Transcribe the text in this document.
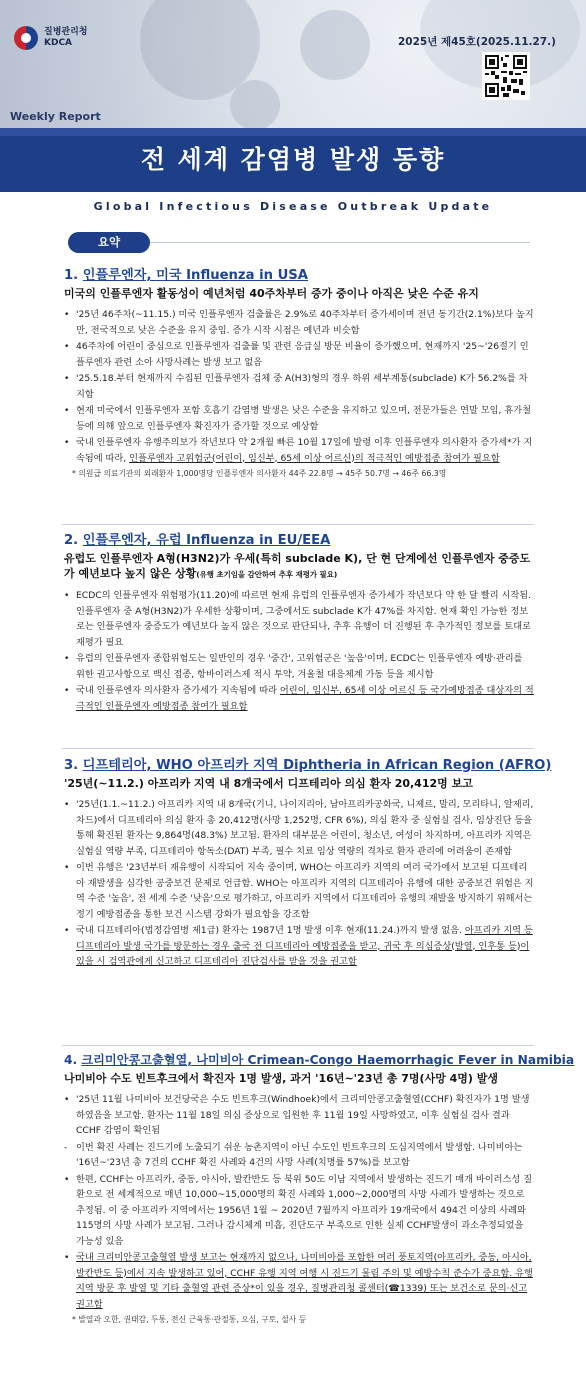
질병관리청
KDCA	2025년 제45호(2025.11.27.)
Weekly Report
전 세계 감염병 발생 동향
Global Infectious Disease Outbreak Update
요약
1. 인플루엔자, 미국 Influenza in USA
미국의 인플루엔자 활동성이 예년처럼 40주차부터 증가 중이나 아직은 낮은 수준 유지
• '25년 46주차(~11.15.) 미국 인플루엔자 검출률은 2.9%로 40주차부터 증가세이며 전년 동기간(2.1%)보다 높지만, 전국적으로 낮은 수준을 유지 중임. 증가 시작 시점은 예년과 비슷함
• 46주차에 어린이 중심으로 인플루엔자 검출률 및 관련 응급실 방문 비율이 증가했으며, 현재까지 '25~'26절기 인플루엔자 관련 소아 사망사례는 발생 보고 없음
• '25.5.18.부터 현재까지 수집된 인플루엔자 검체 중 A(H3)형의 경우 하위 세부계통(subclade) K가 56.2%를 차지함
• 현재 미국에서 인플루엔자 포함 호흡기 감염병 발생은 낮은 수준을 유지하고 있으며, 전문가들은 연말 모임, 휴가철 등에 의해 앞으로 인플루엔자 확진자가 증가할 것으로 예상함
• 국내 인플루엔자 유행주의보가 작년보다 약 2개월 빠른 10월 17일에 발령 이후 인플루엔자 의사환자 증가세*가 지속됨에 따라, 인플루엔자 고위험군(어린이, 임신부, 65세 이상 어르신)의 적극적인 예방접종 참여가 필요함
* 의원급 의료기관의 외래환자 1,000명당 인플루엔자 의사환자 44주 22.8명 → 45주 50.7명 → 46주 66.3명
2. 인플루엔자, 유럽 Influenza in EU/EEA
유럽도 인플루엔자 A형(H3N2)가 우세(특히 subclade K), 단 현 단계에선 인플루엔자 중증도가 예년보다 높지 않은 상황(유행 초기임을 감안하여 추후 재평가 필요)
• ECDC의 인플루엔자 위험평가(11.20)에 따르면 현재 유럽의 인플루엔자 증가세가 작년보다 약 한 달 빨리 시작됨. 인플루엔자 중 A형(H3N2)가 우세한 상황이며, 그중에서도 subclade K가 47%를 차지함. 현재 확인 가능한 정보로는 인플루엔자 중증도가 예년보다 높지 않은 것으로 판단되나, 추후 유행이 더 진행된 후 추가적인 정보를 토대로 재평가 필요
• 유럽의 인플루엔자 종합위험도는 일반인의 경우 '중간', 고위험군은 '높음'이며, ECDC는 인플루엔자 예방·관리를 위한 권고사항으로 백신 접종, 항바이러스제 적시 투약, 겨울철 대응체계 가동 등을 제시함
• 국내 인플루엔자 의사환자 증가세가 지속됨에 따라 어린이, 임신부, 65세 이상 어르신 등 국가예방접종 대상자의 적극적인 인플루엔자 예방접종 참여가 필요함
3. 디프테리아, WHO 아프리카 지역 Diphtheria in African Region (AFRO)
'25년(~11.2.) 아프리카 지역 내 8개국에서 디프테리아 의심 환자 20,412명 보고
• '25년(1.1.~11.2.) 아프리카 지역 내 8개국(기니, 나이지리아, 남아프리카공화국, 니제르, 말리, 모리타니, 알제리, 차드)에서 디프테리아 의심 환자 총 20,412명(사망 1,252명, CFR 6%), 의심 환자 중 실험실 검사, 임상진단 등을 통해 확진된 환자는 9,864명(48.3%) 보고됨. 환자의 대부분은 어린이, 청소년, 여성이 차지하며, 아프리카 지역은 실험실 역량 부족, 디프테리아 항독소(DAT) 부족, 필수 치료 임상 역량의 격차로 환자 관리에 어려움이 존재함
• 이번 유행은 '23년부터 재유행이 시작되어 지속 중이며, WHO는 아프리카 지역의 여러 국가에서 보고된 디프테리아 재발생을 심각한 공중보건 문제로 언급함. WHO는 아프리카 지역의 디프테리아 유행에 대한 공중보건 위험은 지역 수준 '높음', 전 세계 수준 '낮음'으로 평가하고, 아프리카 지역에서 디프테리아 유행의 재발을 방지하기 위해서는 정기 예방접종을 통한 보건 시스템 강화가 필요함을 강조함
• 국내 디프테리아(법정감염병 제1급) 환자는 1987년 1명 발생 이후 현재(11.24.)까지 발생 없음. 아프리카 지역 등 디프테리아 발생 국가를 방문하는 경우 출국 전 디프테리아 예방접종을 받고, 귀국 후 의심증상(발열, 인후통 등)이 있을 시 검역관에게 신고하고 디프테리아 진단검사를 받을 것을 권고함
4. 크리미안콩고출혈열, 나미비아 Crimean-Congo Haemorrhagic Fever in Namibia
나미비아 수도 빈트후크에서 확진자 1명 발생, 과거 '16년~'23년 총 7명(사망 4명) 발생
• '25년 11월 나미비아 보건당국은 수도 빈트후크(Windhoek)에서 크리미안콩고출혈열(CCHF) 확진자가 1명 발생하였음을 보고함. 환자는 11월 18일 의심 증상으로 입원한 후 11월 19일 사망하였고, 이후 실험실 검사 결과 CCHF 감염이 확인됨
- 이번 확진 사례는 진드기에 노출되기 쉬운 농촌지역이 아닌 수도인 빈트후크의 도심지역에서 발생함. 나미비아는 '16년~'23년 총 7건의 CCHF 확진 사례와 4건의 사망 사례(치명률 57%)를 보고함
• 한편, CCHF는 아프리카, 중동, 아시아, 발칸반도 등 북위 50도 이남 지역에서 발생하는 진드기 매개 바이러스성 질환으로 전 세계적으로 매년 10,000~15,000명의 확진 사례와 1,000~2,000명의 사망 사례가 발생하는 것으로 추정됨. 이 중 아프리카 지역에서는 1956년 1월 ~ 2020년 7월까지 아프리카 19개국에서 494건 이상의 사례와 115명의 사망 사례가 보고됨. 그러나 감시체계 미흡, 진단도구 부족으로 인한 실제 CCHF발생이 과소추정되었을 가능성 있음
• 국내 크리미안콩고출혈열 발생 보고는 현재까지 없으나, 나미비아를 포함한 여러 풍토지역(아프리카, 중동, 아시아, 발칸반도 등)에서 지속 발생하고 있어, CCHF 유행 지역 여행 시 진드기 물림 주의 및 예방수칙 준수가 중요함. 유행지역 방문 후 발열 및 기타 출혈열 관련 증상*이 있을 경우, 질병관리청 콜센터(☎1339) 또는 보건소로 문의·신고 권고함
* 발열과 오한, 권태감, 두통, 전신 근육통·관절통, 오심, 구토, 설사 등
